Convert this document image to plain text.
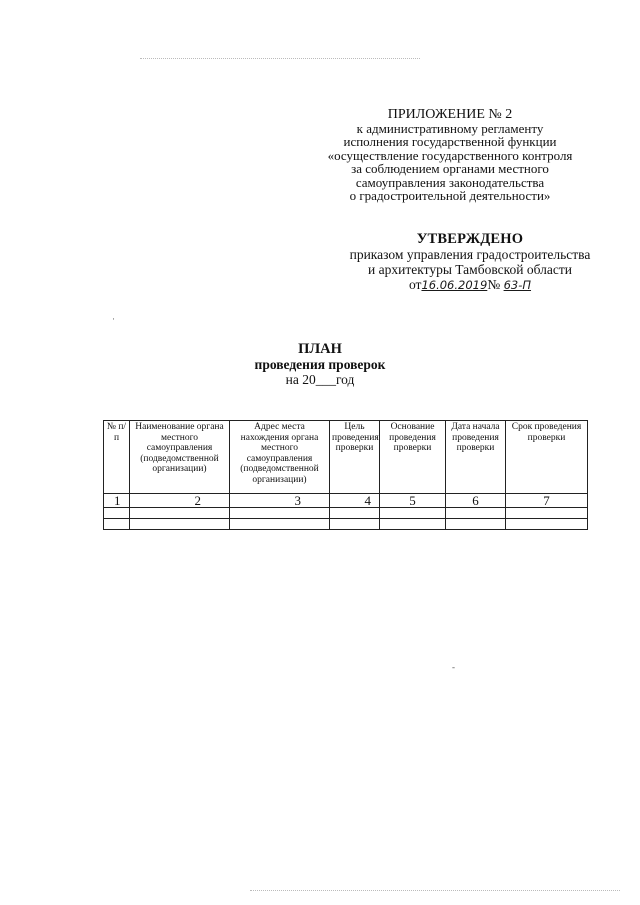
·
-
ПРИЛОЖЕНИЕ № 2
к административному регламенту
исполнения государственной функции
«осуществление государственного контроля
за соблюдением органами местного
самоуправления законодательства
о градостроительной деятельности»
УТВЕРЖДЕНО
приказом управления градостроительства
и архитектуры Тамбовской области
от16.06.2019№ 63-П
ПЛАН
проведения проверок
на 20___год
№ п/п	Наименование органа местного самоуправления (подведомственной организации)	Адрес места нахождения органа местного самоуправления (подведомственной организации)	Цель проведения проверки	Основание проведения проверки	Дата начала проведения проверки	Срок проведения проверки
1	2	3	4	5	6	7
